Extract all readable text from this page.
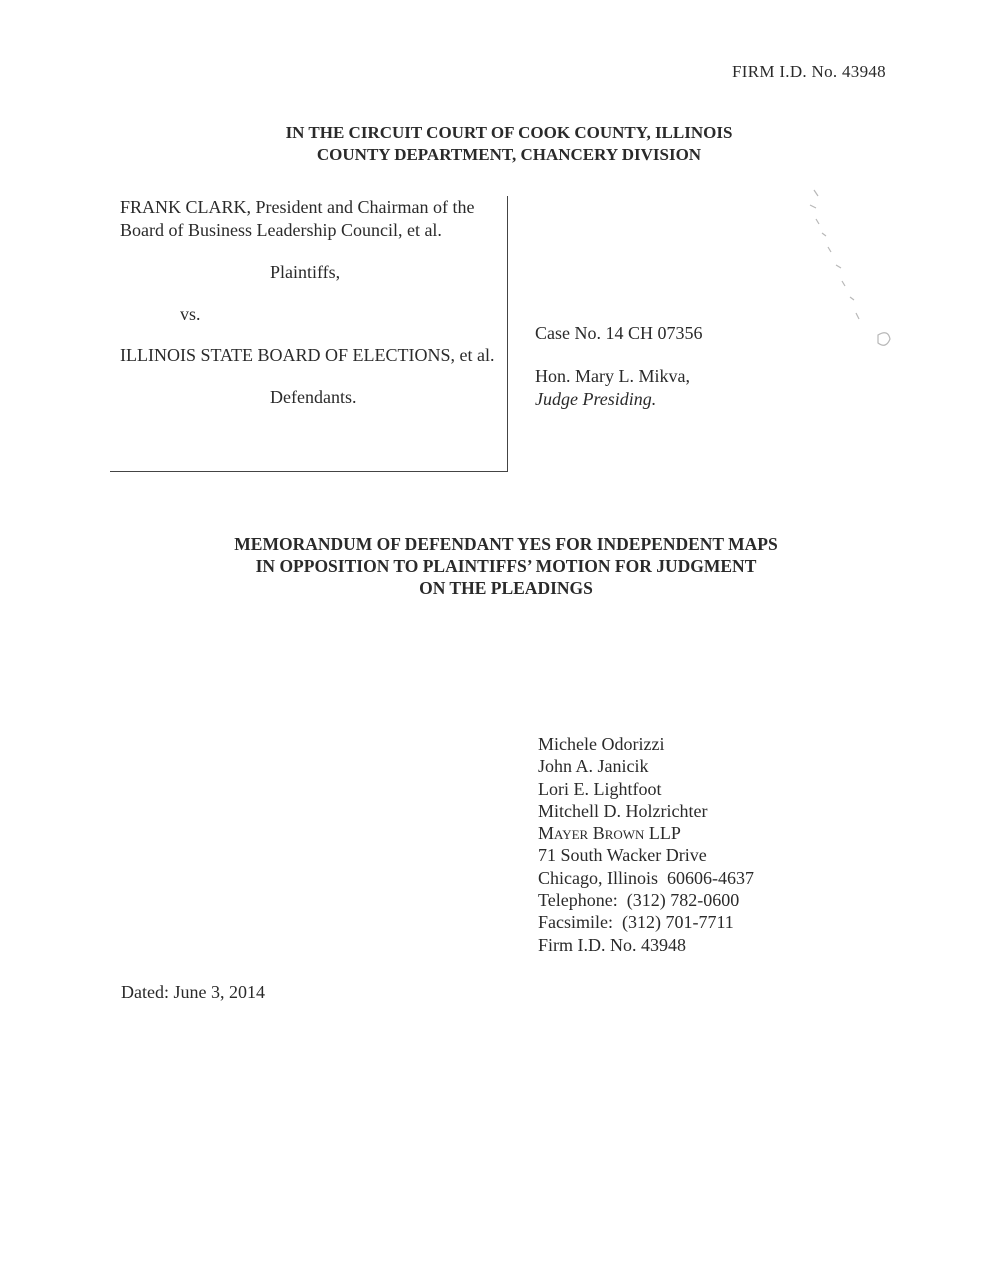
FIRM I.D. No. 43948
IN THE CIRCUIT COURT OF COOK COUNTY, ILLINOIS
COUNTY DEPARTMENT, CHANCERY DIVISION
FRANK CLARK, President and Chairman of the Board of Business Leadership Council, et al.
Plaintiffs,
vs.
ILLINOIS STATE BOARD OF ELECTIONS, et al.
Defendants.
Case No. 14 CH 07356
Hon. Mary L. Mikva,
Judge Presiding.
MEMORANDUM OF DEFENDANT YES FOR INDEPENDENT MAPS
IN OPPOSITION TO PLAINTIFFS’ MOTION FOR JUDGMENT
ON THE PLEADINGS
Michele Odorizzi
John A. Janicik
Lori E. Lightfoot
Mitchell D. Holzrichter
Mayer Brown LLP
71 South Wacker Drive
Chicago, Illinois  60606-4637
Telephone:  (312) 782-0600
Facsimile:  (312) 701-7711
Firm I.D. No. 43948
Dated: June 3, 2014
